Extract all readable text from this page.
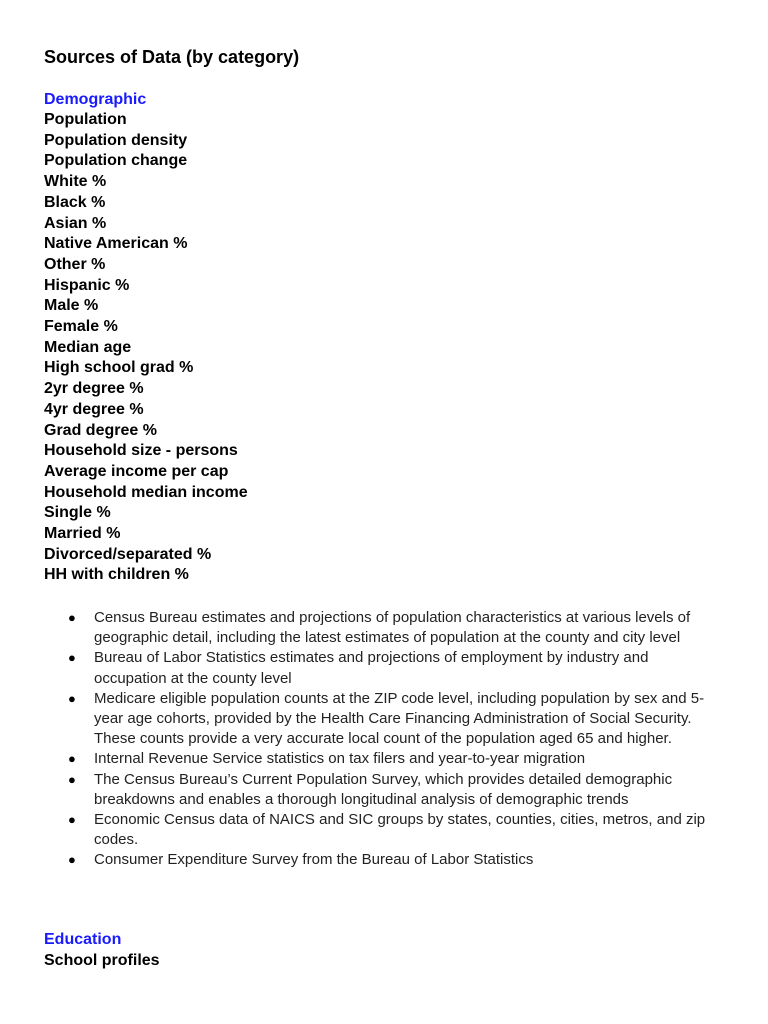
Sources of Data (by category)
Demographic
Population
Population density
Population change
White %
Black %
Asian %
Native American %
Other %
Hispanic %
Male %
Female %
Median age
High school grad %
2yr degree %
4yr degree %
Grad degree %
Household size - persons
Average income per cap
Household median income
Single %
Married %
Divorced/separated %
HH with children %
●	Census Bureau estimates and projections of population characteristics at various levels of geographic detail, including the latest estimates of population at the county and city level
●	Bureau of Labor Statistics estimates and projections of employment by industry and occupation at the county level
●	Medicare eligible population counts at the ZIP code level, including population by sex and 5-year age cohorts, provided by the Health Care Financing Administration of Social Security. These counts provide a very accurate local count of the population aged 65 and higher.
●	Internal Revenue Service statistics on tax filers and year-to-year migration
●	The Census Bureau’s Current Population Survey, which provides detailed demographic breakdowns and enables a thorough longitudinal analysis of demographic trends
●	Economic Census data of NAICS and SIC groups by states, counties, cities, metros, and zip codes.
●	Consumer Expenditure Survey from the Bureau of Labor Statistics
Education
School profiles
